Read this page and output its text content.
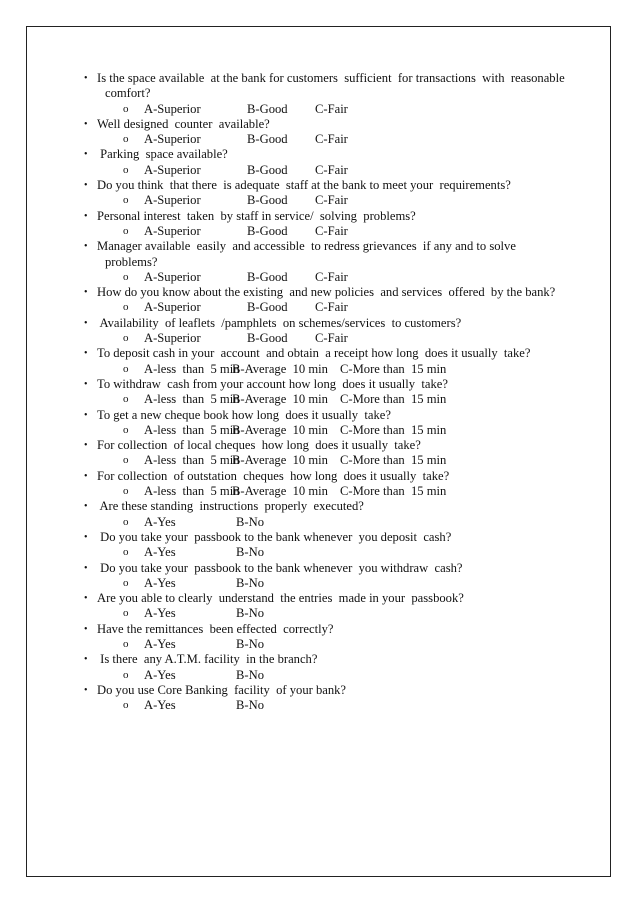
• Is the space available  at the bank for customers  sufficient  for transactions  with  reasonable
comfort?
o A-Superior	B-Good C-Fair
• Well designed  counter  available?
o A-Superior	B-Good C-Fair
• Parking  space available?
o A-Superior	B-Good C-Fair
• Do you think  that there  is adequate  staff at the bank to meet your  requirements?
o A-Superior	B-Good C-Fair
• Personal interest  taken  by staff in service/  solving  problems?
o A-Superior	B-Good C-Fair
• Manager available  easily  and accessible  to redress grievances  if any and to solve
problems?
o A-Superior	B-Good C-Fair
• How do you know about the existing  and new policies  and services  offered  by the bank?
o A-Superior	B-Good C-Fair
• Availability  of leaflets  /pamphlets  on schemes/services  to customers?
o A-Superior	B-Good C-Fair
• To deposit cash in your  account  and obtain  a receipt how long  does it usually  take?
o A-less  than  5 min
B-Average  10 min C-More than  15 min
• To withdraw  cash from your account how long  does it usually  take?
o A-less  than  5 min
B-Average  10 min C-More than  15 min
• To get a new cheque book how long  does it usually  take?
o A-less  than  5 min
B-Average  10 min C-More than  15 min
• For collection  of local cheques  how long  does it usually  take?
o A-less  than  5 min
B-Average  10 min C-More than  15 min
• For collection  of outstation  cheques  how long  does it usually  take?
o A-less  than  5 min
B-Average  10 min C-More than  15 min
• Are these standing  instructions  properly  executed?
o A-Yes	B-No
• Do you take your  passbook to the bank whenever  you deposit  cash?
o A-Yes	B-No
• Do you take your  passbook to the bank whenever  you withdraw  cash?
o A-Yes	B-No
• Are you able to clearly  understand  the entries  made in your  passbook?
o A-Yes	B-No
• Have the remittances  been effected  correctly?
o A-Yes	B-No
• Is there  any A.T.M. facility  in the branch?
o A-Yes	B-No
• Do you use Core Banking  facility  of your bank?
o A-Yes	B-No
